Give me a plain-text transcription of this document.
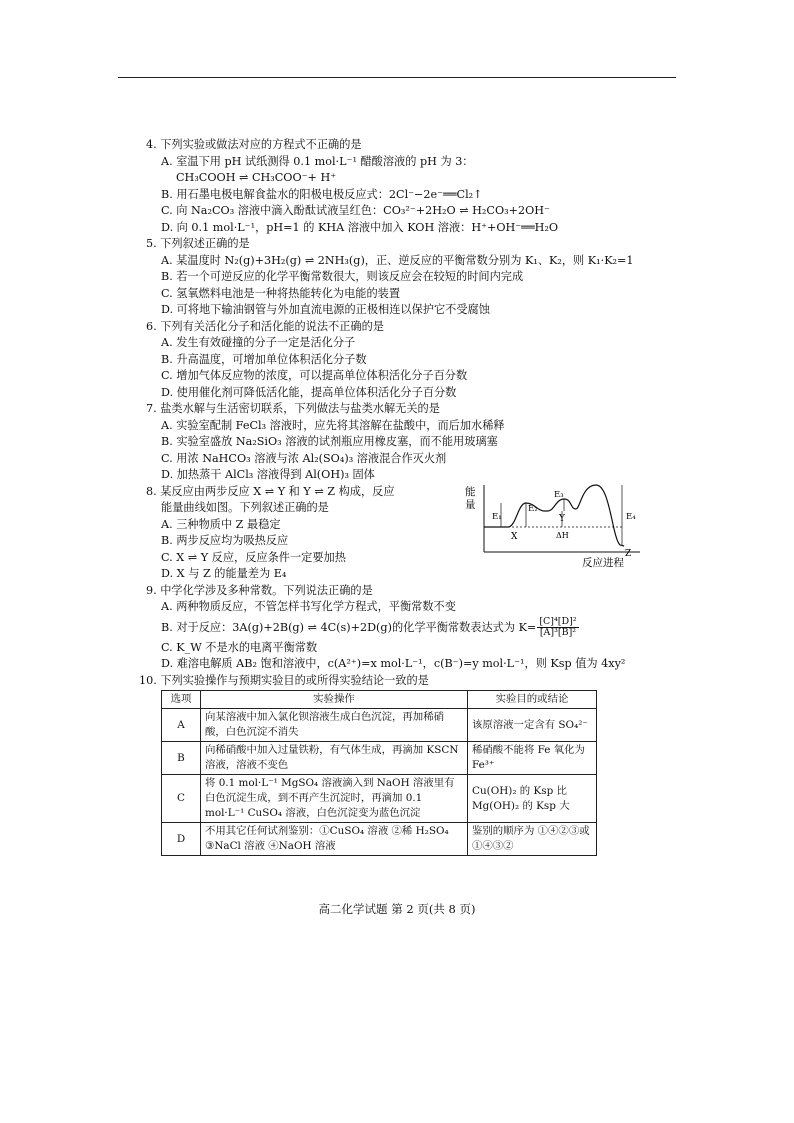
4. 下列实验或做法对应的方程式不正确的是

A. 室温下用 pH 试纸测得 0.1 mol·L⁻¹ 醋酸溶液的 pH 为 3：

CH₃COOH ⇌ CH₃COO⁻+ H⁺

B. 用石墨电极电解食盐水的阳极电极反应式：2Cl⁻−2e⁻══Cl₂↑

C. 向 Na₂CO₃ 溶液中滴入酚酞试液呈红色：CO₃²⁻+2H₂O ⇌ H₂CO₃+2OH⁻

D. 向 0.1 mol·L⁻¹，pH=1 的 KHA 溶液中加入 KOH 溶液：H⁺+OH⁻══H₂O

5. 下列叙述正确的是

A. 某温度时 N₂(g)+3H₂(g) ⇌ 2NH₃(g)，正、逆反应的平衡常数分别为 K₁、K₂，则 K₁·K₂=1

B. 若一个可逆反应的化学平衡常数很大，则该反应会在较短的时间内完成

C. 氢氧燃料电池是一种将热能转化为电能的装置

D. 可将地下输油钢管与外加直流电源的正极相连以保护它不受腐蚀

6. 下列有关活化分子和活化能的说法不正确的是

A. 发生有效碰撞的分子一定是活化分子

B. 升高温度，可增加单位体积活化分子数

C. 增加气体反应物的浓度，可以提高单位体积活化分子百分数

D. 使用催化剂可降低活化能，提高单位体积活化分子百分数

7. 盐类水解与生活密切联系，下列做法与盐类水解无关的是

A. 实验室配制 FeCl₃ 溶液时，应先将其溶解在盐酸中，而后加水稀释

B. 实验室盛放 Na₂SiO₃ 溶液的试剂瓶应用橡皮塞，而不能用玻璃塞

C. 用浓 NaHCO₃ 溶液与浓 Al₂(SO₄)₃ 溶液混合作灭火剂

D. 加热蒸干 AlCl₃ 溶液得到 Al(OH)₃ 固体

8. 某反应由两步反应 X ⇌ Y 和 Y ⇌ Z 构成，反应

能量曲线如图。下列叙述正确的是

A. 三种物质中 Z 最稳定

B. 两步反应均为吸热反应

C. X ⇌ Y 反应，反应条件一定要加热

D. X 与 Z 的能量差为 E₄

能
量
反应进程
E₁
E₂
E₃
E₄
ΔH
X
Y
Z

9. 中学化学涉及多种常数。下列说法正确的是

A. 两种物质反应，不管怎样书写化学方程式，平衡常数不变

B. 对于反应：3A(g)+2B(g) ⇌ 4C(s)+2D(g)的化学平衡常数表达式为 $K= \frac{\text{[C]⁴[D]²}}{\text{[A]³[B]²}}$

C. K_W 不是水的电离平衡常数

D. 难溶电解质 AB₂ 饱和溶液中，c(A²⁺)=x mol·L⁻¹，c(B⁻)=y mol·L⁻¹，则 Ksp 值为 4xy²

10. 下列实验操作与预期实验目的或所得实验结论一致的是

选项	实验操作	实验目的或结论
A	向某溶液中加入氯化钡溶液生成白色沉淀，再加稀硝酸，白色沉淀不消失	该原溶液一定含有 SO₄²⁻
B	向稀硝酸中加入过量铁粉，有气体生成，再滴加 KSCN 溶液，溶液不变色	稀硝酸不能将 Fe 氧化为 Fe³⁺
C	将 0.1 mol·L⁻¹ MgSO₄ 溶液滴入到 NaOH 溶液里有白色沉淀生成，到不再产生沉淀时，再滴加 0.1 mol·L⁻¹ CuSO₄ 溶液，白色沉淀变为蓝色沉淀	Cu(OH)₂ 的 Ksp 比 Mg(OH)₂ 的 Ksp 大
D	不用其它任何试剂鉴别：①CuSO₄ 溶液 ②稀 H₂SO₄ ③NaCl 溶液 ④NaOH 溶液	鉴别的顺序为 ①④②③或①④③②
高二化学试题 第 2 页(共 8 页)
